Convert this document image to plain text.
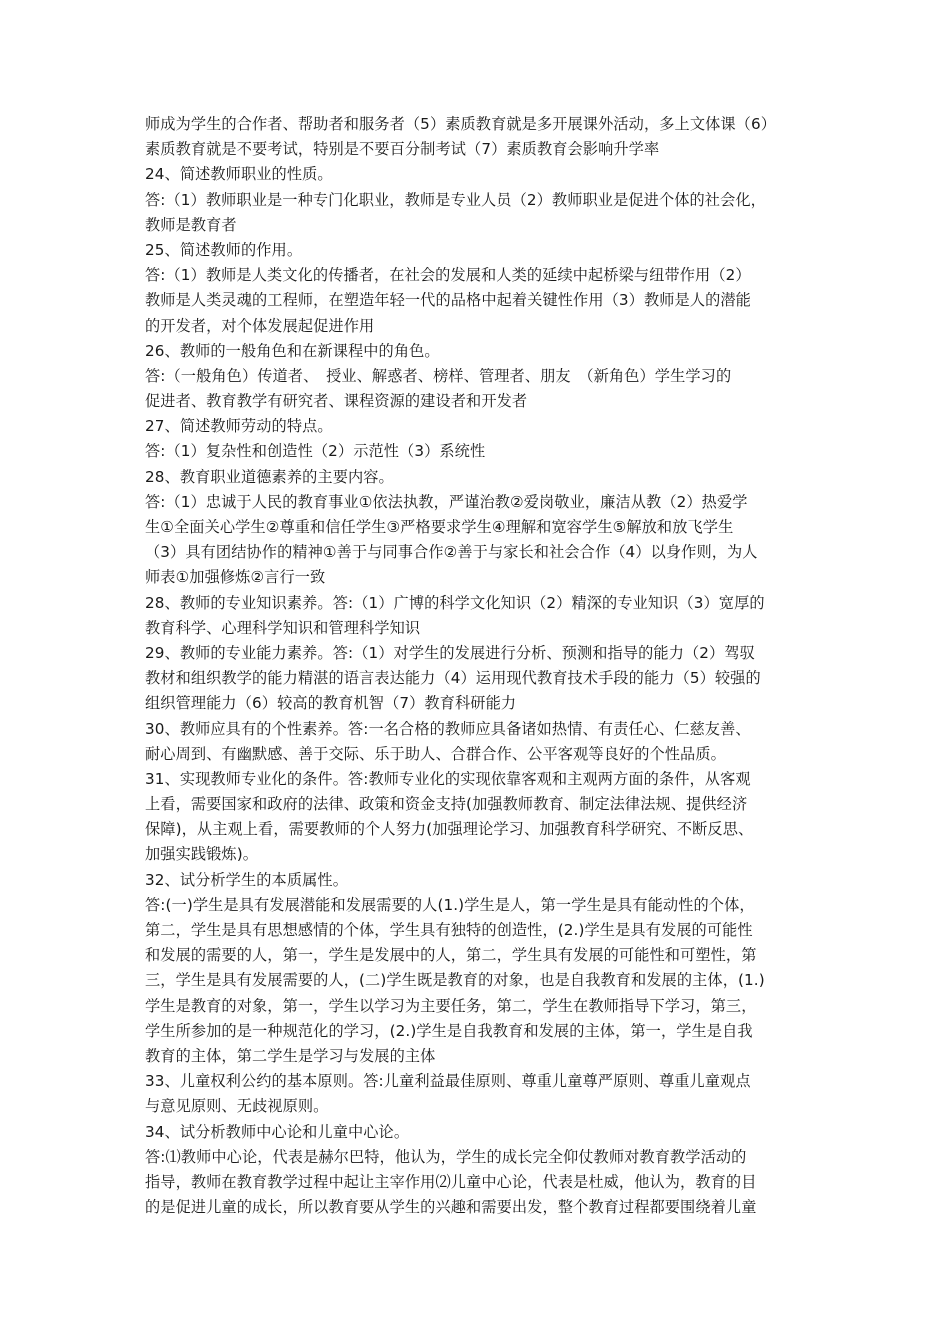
师成为学生的合作者、帮助者和服务者（5）素质教育就是多开展课外活动，多上文体课（6）
素质教育就是不要考试，特别是不要百分制考试（7）素质教育会影响升学率
24、简述教师职业的性质。
答:（1）教师职业是一种专门化职业，教师是专业人员（2）教师职业是促进个体的社会化，
教师是教育者
25、简述教师的作用。
答:（1）教师是人类文化的传播者，在社会的发展和人类的延续中起桥梁与纽带作用（2）
教师是人类灵魂的工程师，在塑造年轻一代的品格中起着关键性作用（3）教师是人的潜能
的开发者，对个体发展起促进作用
26、教师的一般角色和在新课程中的角色。
答:（一般角色）传道者、　授业、解惑者、榜样、管理者、朋友　（新角色）学生学习的
促进者、教育教学有研究者、课程资源的建设者和开发者
27、简述教师劳动的特点。
答:（1）复杂性和创造性（2）示范性（3）系统性
28、教育职业道德素养的主要内容。
答:（1）忠诚于人民的教育事业①依法执教，严谨治教②爱岗敬业，廉洁从教（2）热爱学
生①全面关心学生②尊重和信任学生③严格要求学生④理解和宽容学生⑤解放和放飞学生
（3）具有团结协作的精神①善于与同事合作②善于与家长和社会合作（4）以身作则，为人
师表①加强修炼②言行一致
28、教师的专业知识素养。答:（1）广博的科学文化知识（2）精深的专业知识（3）宽厚的
教育科学、心理科学知识和管理科学知识
29、教师的专业能力素养。答:（1）对学生的发展进行分析、预测和指导的能力（2）驾驭
教材和组织教学的能力精湛的语言表达能力（4）运用现代教育技术手段的能力（5）较强的
组织管理能力（6）较高的教育机智（7）教育科研能力
30、教师应具有的个性素养。答:一名合格的教师应具备诸如热情、有责任心、仁慈友善、
耐心周到、有幽默感、善于交际、乐于助人、合群合作、公平客观等良好的个性品质。
31、实现教师专业化的条件。答:教师专业化的实现依靠客观和主观两方面的条件，从客观
上看，需要国家和政府的法律、政策和资金支持(加强教师教育、制定法律法规、提供经济
保障)，从主观上看，需要教师的个人努力(加强理论学习、加强教育科学研究、不断反思、
加强实践锻炼)。
32、试分析学生的本质属性。
答:(一)学生是具有发展潜能和发展需要的人(1.)学生是人，第一学生是具有能动性的个体，
第二，学生是具有思想感情的个体，学生具有独特的创造性，(2.)学生是具有发展的可能性
和发展的需要的人，第一，学生是发展中的人，第二，学生具有发展的可能性和可塑性，第
三，学生是具有发展需要的人，(二)学生既是教育的对象，也是自我教育和发展的主体，(1.)
学生是教育的对象，第一，学生以学习为主要任务，第二，学生在教师指导下学习，第三，
学生所参加的是一种规范化的学习，(2.)学生是自我教育和发展的主体，第一，学生是自我
教育的主体，第二学生是学习与发展的主体
33、儿童权利公约的基本原则。答:儿童利益最佳原则、尊重儿童尊严原则、尊重儿童观点
与意见原则、无歧视原则。
34、试分析教师中心论和儿童中心论。
答:⑴教师中心论，代表是赫尔巴特，他认为，学生的成长完全仰仗教师对教育教学活动的
指导，教师在教育教学过程中起让主宰作用⑵儿童中心论，代表是杜威，他认为，教育的目
的是促进儿童的成长，所以教育要从学生的兴趣和需要出发，整个教育过程都要围绕着儿童
